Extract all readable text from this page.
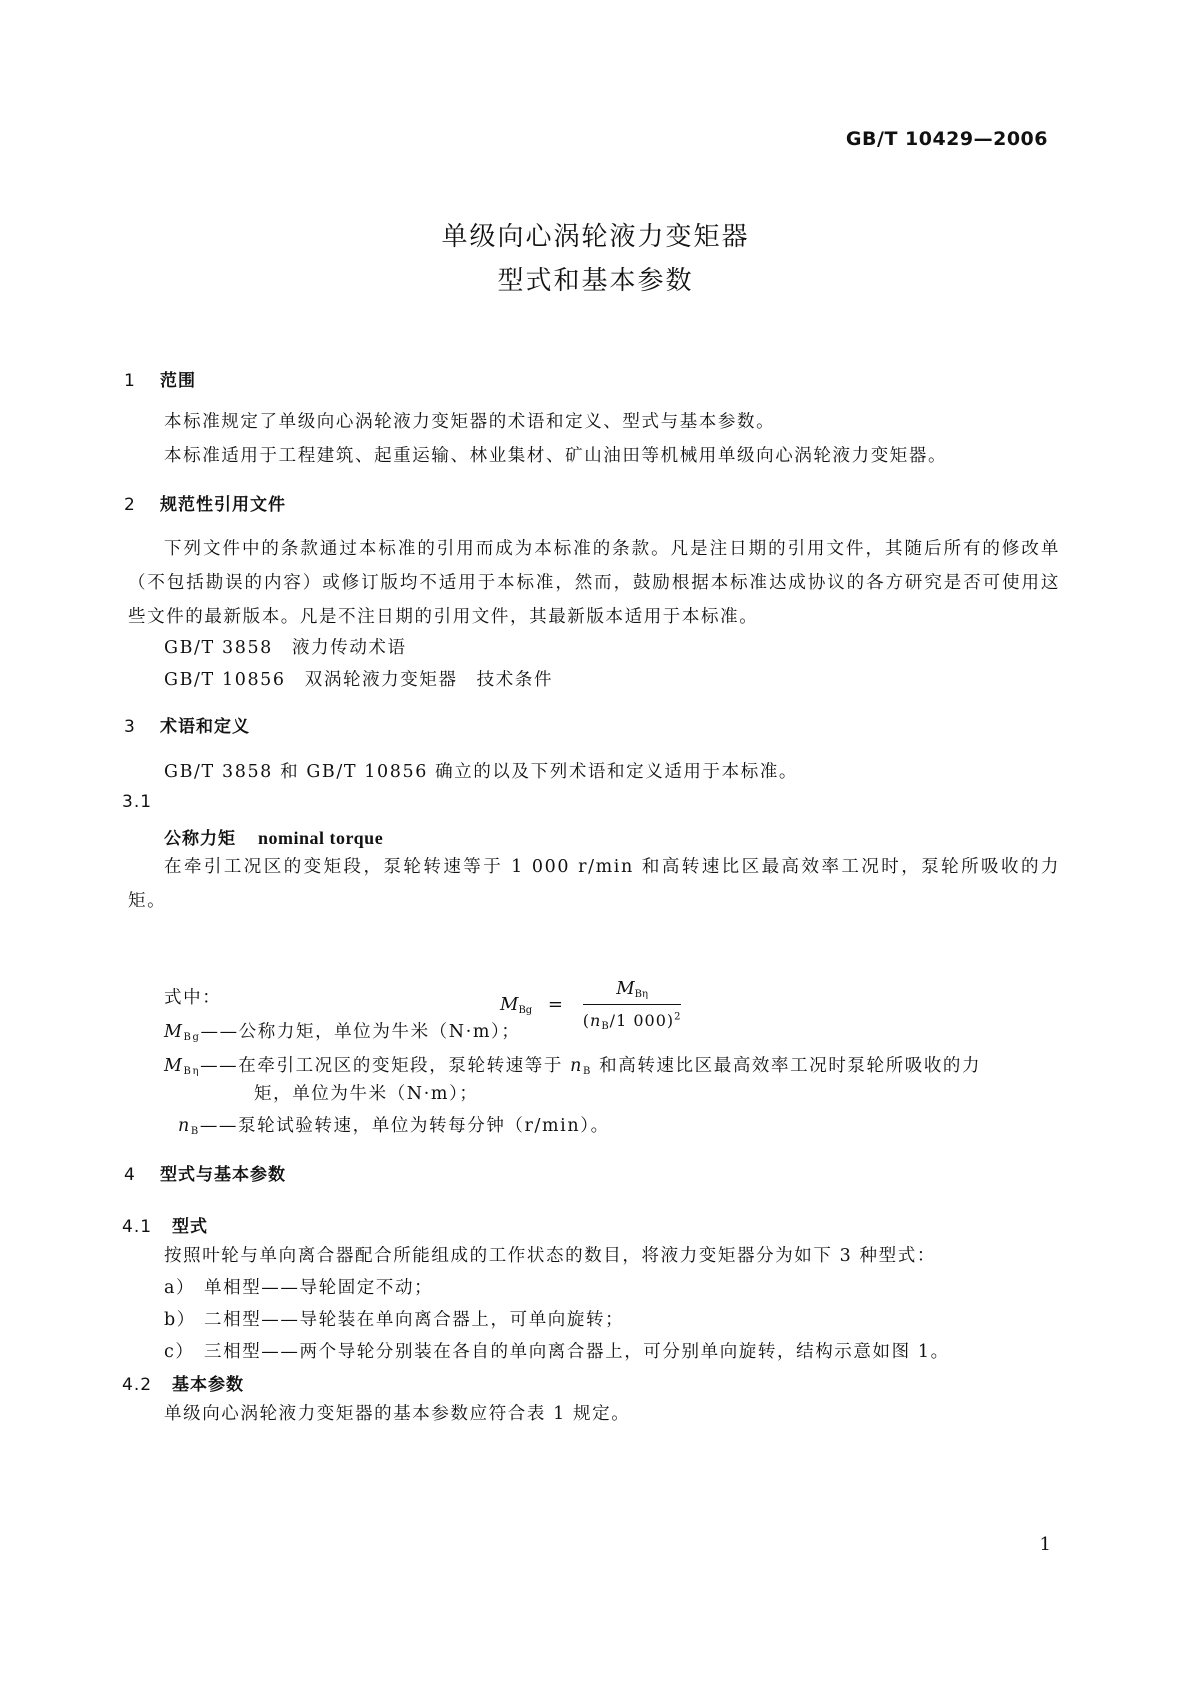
GB/T 10429—2006
单级向心涡轮液力变矩器
型式和基本参数
1 范围
本标准规定了单级向心涡轮液力变矩器的术语和定义、型式与基本参数。
本标准适用于工程建筑、起重运输、林业集材、矿山油田等机械用单级向心涡轮液力变矩器。
2 规范性引用文件
下列文件中的条款通过本标准的引用而成为本标准的条款。凡是注日期的引用文件，其随后所有的修改单（不包括勘误的内容）或修订版均不适用于本标准，然而，鼓励根据本标准达成协议的各方研究是否可使用这些文件的最新版本。凡是不注日期的引用文件，其最新版本适用于本标准。
GB/T 3858　 液力传动术语
GB/T 10856　 双涡轮液力变矩器　技术条件
3 术语和定义
GB/T 3858 和 GB/T 10856 确立的以及下列术语和定义适用于本标准。
3.1
公称力矩 nominal torque
在牵引工况区的变矩段，泵轮转速等于 1 000 r/min 和高转速比区最高效率工况时，泵轮所吸收的力矩。
$M_{Bg} = \frac{M_{B\eta}}{(n_B/1 000)^2}$
式中：
$M_{Bg}——$公称力矩，单位为牛米（N·m）；
$M_{B\eta}——$在牵引工况区的变矩段，泵轮转速等于 $n_B$ 和高转速比区最高效率工况时泵轮所吸收的力
矩，单位为牛米（N·m）；
$n_B——$泵轮试验转速，单位为转每分钟（r/min）。
4 型式与基本参数
4.1 型式
按照叶轮与单向离合器配合所能组成的工作状态的数目，将液力变矩器分为如下 3 种型式：
a） 单相型——导轮固定不动；
b） 二相型——导轮装在单向离合器上，可单向旋转；
c） 三相型——两个导轮分别装在各自的单向离合器上，可分别单向旋转，结构示意如图 1。
4.2 基本参数
单级向心涡轮液力变矩器的基本参数应符合表 1 规定。
1
